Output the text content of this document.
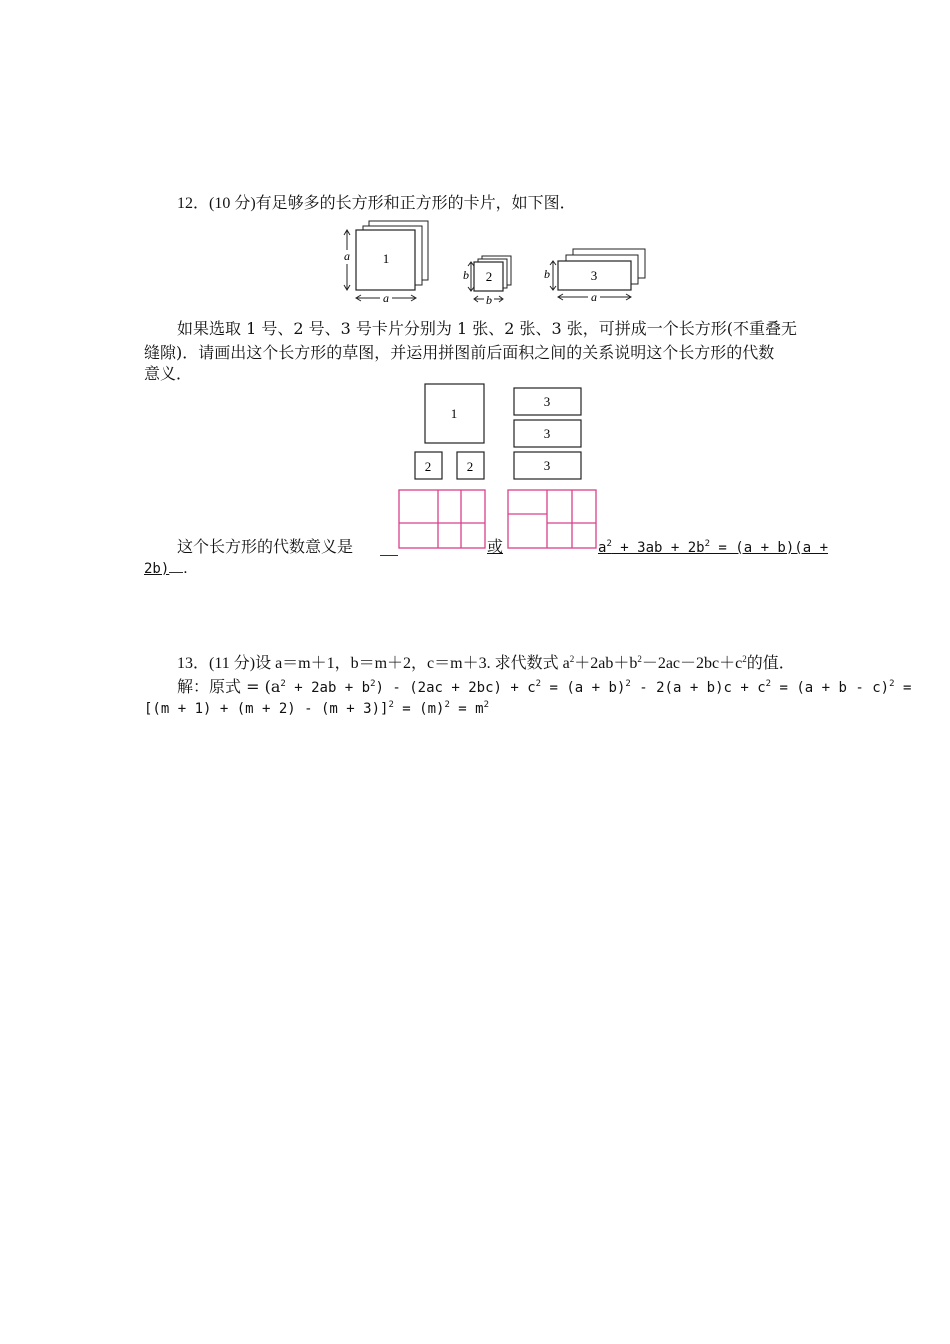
12．(10 分)有足够多的长方形和正方形的卡片，如下图．
1
a
a
2
b
b
3
b
a
如果选取 1 号、2 号、3 号卡片分别为 1 张、2 张、3 张，可拼成一个长方形(不重叠无
缝隙)．请画出这个长方形的草图，并运用拼图前后面积之间的关系说明这个长方形的代数
意义．
1
2	2
3
3
3
这个长方形的代数意义是	或	$a^2 + 3ab + 2b^2 = (a + b)(a$ +
2b) ．
13．(11 分)设 a＝m＋1，b＝m＋2，c＝m＋3. 求代数式 $a^2+2ab+b^2-2ac-2bc+c^2$的值．
解：原式 = $(a^2 + 2ab + b^2) - (2ac + 2bc) + c^2 = (a + b)^2 - 2(a + b)c + c^2 = (a + b - c)^2$ =
$[(m + 1) + (m + 2) - (m + 3)]^2 = (m)^2 = m^2$
